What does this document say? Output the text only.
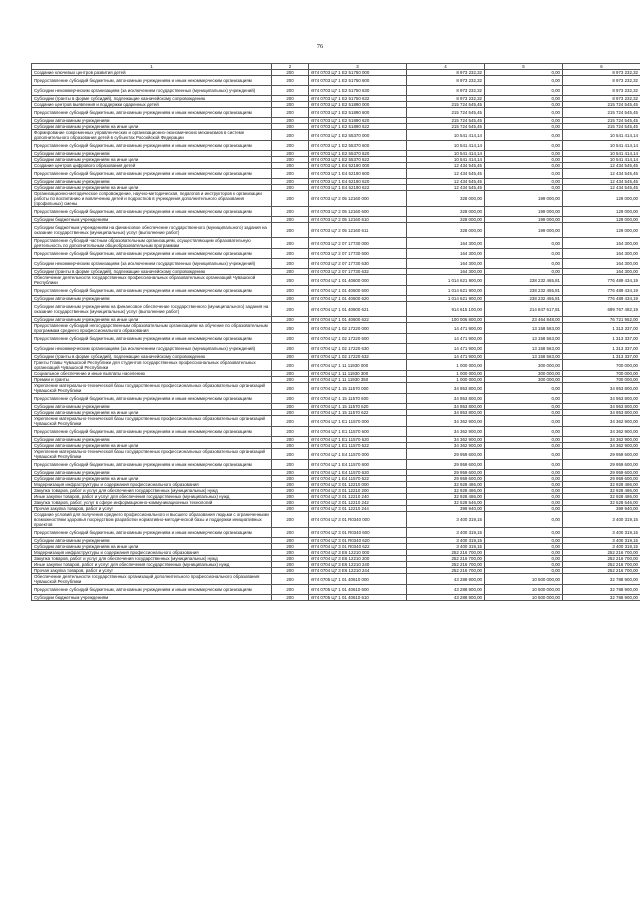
76
1	2	3	4	5	6
Создание ключевых центров развития детей	200	Ә74 0703 Ц7 1 Е2 51750 000	8 973 232,32	0,00	8 973 232,32
Предоставление субсидий бюджетным, автономным учреждениям и иным некоммерческим организациям	200	Ә74 0703 Ц7 1 Е2 51750 600	8 973 232,32	0,00	8 973 232,32
Субсидии некоммерческим организациям (за исключением государственных (муниципальных) учреждений)	200	Ә74 0703 Ц7 1 Е2 51750 630	8 973 232,32	0,00	8 973 232,32
Субсидии (гранты в форме субсидий), подлежащие казначейскому сопровождению	200	Ә74 0703 Ц7 1 Е2 51750 632	8 973 232,32	0,00	8 973 232,32
Создание центров выявления и поддержки одаренных детей	200	Ә74 0703 Ц7 1 Е2 51890 000	215 724 545,45	0,00	215 724 545,45
Предоставление субсидий бюджетным, автономным учреждениям и иным некоммерческим организациям	200	Ә74 0703 Ц7 1 Е2 51890 600	215 724 545,45	0,00	215 724 545,45
Субсидии автономным учреждениям	200	Ә74 0703 Ц7 1 Е2 51890 620	215 724 545,45	0,00	215 724 545,45
Субсидии автономным учреждениям на иные цели	200	Ә74 0703 Ц7 1 Е2 51890 622	215 724 545,45	0,00	215 724 545,45
Формирование современных управленческих и организационно-экономических механизмов в системе дополнительного образования детей в субъектах Российской Федерации	200	Ә74 0703 Ц7 1 Е2 55370 000	10 541 414,14	0,00	10 541 414,14
Предоставление субсидий бюджетным, автономным учреждениям и иным некоммерческим организациям	200	Ә74 0703 Ц7 1 Е2 55370 600	10 541 414,14	0,00	10 541 414,14
Субсидии автономным учреждениям	200	Ә74 0703 Ц7 1 Е2 55370 620	10 541 414,14	0,00	10 541 414,14
Субсидии автономным учреждениям на иные цели	200	Ә74 0703 Ц7 1 Е2 55370 622	10 541 414,14	0,00	10 541 414,14
Создание центров цифрового образования детей	200	Ә74 0703 Ц7 1 Е4 52190 000	12 434 545,45	0,00	12 434 545,45
Предоставление субсидий бюджетным, автономным учреждениям и иным некоммерческим организациям	200	Ә74 0703 Ц7 1 Е4 52190 600	12 434 545,45	0,00	12 434 545,45
Субсидии автономным учреждениям	200	Ә74 0703 Ц7 1 Е4 52190 620	12 434 545,45	0,00	12 434 545,45
Субсидии автономным учреждениям на иные цели	200	Ә74 0703 Ц7 1 Е4 52190 622	12 434 545,45	0,00	12 434 545,45
Организационно-методическое сопровождение, научно-методическая, педагогов и инструкторов к организации работы по воспитанию и вовлечению детей и подростков в учреждения дополнительного образования (профильных) смены	200	Ә74 0703 Ц7 2 05 12160 000	328 000,00	199 000,00	129 000,00
Предоставление субсидий бюджетным, автономным учреждениям и иным некоммерческим организациям	200	Ә74 0703 Ц7 2 05 12160 600	328 000,00	199 000,00	129 000,00
Субсидии бюджетным учреждениям	200	Ә74 0703 Ц7 2 05 12160 610	328 000,00	199 000,00	129 000,00
Субсидии бюджетным учреждениям на финансовое обеспечение государственного (муниципального) задания на оказание государственных (муниципальных) услуг (выполнение работ)	200	Ә74 0703 Ц7 2 05 12160 611	328 000,00	199 000,00	129 000,00
Предоставление субсидий частным образовательным организациям, осуществляющим образовательную деятельность по дополнительным общеобразовательным программам	200	Ә74 0703 Ц7 2 07 17730 000	164 300,00	0,00	164 300,00
Предоставление субсидий бюджетным, автономным учреждениям и иным некоммерческим организациям	200	Ә74 0703 Ц7 2 07 17730 600	164 300,00	0,00	164 300,00
Субсидии некоммерческим организациям (за исключением государственных (муниципальных) учреждений)	200	Ә74 0703 Ц7 2 07 17730 630	164 300,00	0,00	164 300,00
Субсидии (гранты в форме субсидий), подлежащие казначейскому сопровождению	200	Ә74 0703 Ц7 2 07 17730 632	164 300,00	0,00	164 300,00
Обеспечение деятельности государственных профессиональных образовательных организаций Чувашской Республики	200	Ә74 0704 Ц7 1 01 40600 000	1 014 621 900,00	238 232 465,81	776 489 434,19
Предоставление субсидий бюджетным, автономным учреждениям и иным некоммерческим организациям	200	Ә74 0704 Ц7 1 01 40600 600	1 014 621 900,00	238 232 465,81	776 489 434,19
Субсидии автономным учреждениям	200	Ә74 0704 Ц7 1 01 40600 620	1 014 621 900,00	238 232 465,81	776 489 434,19
Субсидии автономным учреждениям на финансовое обеспечение государственного (муниципального) задания на оказание государственных (муниципальных) услуг (выполнение работ)	200	Ә74 0704 Ц7 1 01 40600 621	914 615 100,00	214 847 617,81	699 767 482,19
Субсидии автономным учреждениям на иные цели	200	Ә74 0704 Ц7 1 01 40600 622	100 006 800,00	23 464 848,00	76 721 952,00
Предоставление субсидий негосударственным образовательным организациям на обучение по образовательным программам среднего профессионального образования	200	Ә74 0704 Ц7 1 02 17220 000	14 471 900,00	13 158 563,00	1 313 337,00
Предоставление субсидий бюджетным, автономным учреждениям и иным некоммерческим организациям	200	Ә74 0704 Ц7 1 02 17220 600	14 471 900,00	13 158 563,00	1 313 337,00
Субсидии некоммерческим организациям (за исключением государственных (муниципальных) учреждений)	200	Ә74 0704 Ц7 1 02 17220 630	14 471 900,00	13 158 563,00	1 313 337,00
Субсидии (гранты в форме субсидий), подлежащие казначейскому сопровождению	200	Ә74 0704 Ц7 1 02 17220 632	14 471 900,00	13 158 563,00	1 313 337,00
Гранты Главы Чувашской Республики для студентов государственных профессиональных образовательных организаций Чувашской Республики	200	Ә74 0704 Ц7 1 11 11930 000	1 000 000,00	300 000,00	700 000,00
Социальное обеспечение и иные выплаты населению	200	Ә74 0704 Ц7 1 11 11930 300	1 000 000,00	300 000,00	700 000,00
Премии и гранты	200	Ә74 0704 Ц7 1 11 11930 350	1 000 000,00	300 000,00	700 000,00
Укрепление материально-технической базы государственных профессиональных образовательных организаций Чувашской Республики	200	Ә74 0704 Ц7 1 15 11570 000	34 953 800,00	0,00	34 953 800,00
Предоставление субсидий бюджетным, автономным учреждениям и иным некоммерческим организациям	200	Ә74 0704 Ц7 1 15 11570 600	34 953 800,00	0,00	34 953 800,00
Субсидии автономным учреждениям	200	Ә74 0704 Ц7 1 15 11570 620	34 953 800,00	0,00	34 953 800,00
Субсидии автономным учреждениям на иные цели	200	Ә74 0704 Ц7 1 15 11570 622	34 953 800,00	0,00	34 953 800,00
Укрепление материально-технической базы государственных профессиональных образовательных организаций Чувашской Республики	200	Ә74 0704 Ц7 1 Е1 11570 000	34 362 900,00	0,00	34 362 900,00
Предоставление субсидий бюджетным, автономным учреждениям и иным некоммерческим организациям	200	Ә74 0704 Ц7 1 Е1 11570 600	34 362 900,00	0,00	34 362 900,00
Субсидии автономным учреждениям	200	Ә74 0704 Ц7 1 Е1 11570 620	34 362 900,00	0,00	34 362 900,00
Субсидии автономным учреждениям на иные цели	200	Ә74 0704 Ц7 1 Е1 11570 622	34 362 900,00	0,00	34 362 900,00
Укрепление материально-технической базы государственных профессиональных образовательных организаций Чувашской Республики	200	Ә74 0704 Ц7 1 Е4 11570 000	29 959 600,00	0,00	29 959 600,00
Предоставление субсидий бюджетным, автономным учреждениям и иным некоммерческим организациям	200	Ә74 0704 Ц7 1 Е4 11570 600	29 959 600,00	0,00	29 959 600,00
Субсидии автономным учреждениям	200	Ә74 0704 Ц7 1 Е4 11570 620	29 959 600,00	0,00	29 959 600,00
Субсидии автономным учреждениям на иные цели	200	Ә74 0704 Ц7 1 Е4 11570 622	29 959 600,00	0,00	29 959 600,00
Модернизация инфраструктуры и содержания профессионального образования	200	Ә74 0704 Ц7 3 01 12210 000	32 928 486,00	0,00	32 928 486,00
Закупка товаров, работ и услуг для обеспечения государственных (муниципальных) нужд	200	Ә74 0704 Ц7 3 01 12210 200	32 928 486,00	0,00	32 928 486,00
Иные закупки товаров, работ и услуг для обеспечения государственных (муниципальных) нужд	200	Ә74 0704 Ц7 3 01 12210 240	32 928 486,00	0,00	32 928 486,00
Закупка товаров, работ, услуг в сфере информационно-коммуникационных технологий	200	Ә74 0704 Ц7 3 01 12210 242	32 528 546,00	0,00	32 528 546,00
Прочая закупка товаров, работ и услуг	200	Ә74 0704 Ц7 3 01 12210 244	399 940,00	0,00	399 940,00
Создание условий для получения среднего профессионального и высшего образования людьми с ограниченными возможностями здоровья посредством разработки нормативно-методической базы и поддержки инициативных проектов	200	Ә74 0704 Ц7 3 01 R0340 000	3 400 319,15	0,00	3 400 319,15
Предоставление субсидий бюджетным, автономным учреждениям и иным некоммерческим организациям	200	Ә74 0704 Ц7 3 01 R0340 600	3 400 319,15	0,00	3 400 319,15
Субсидии автономным учреждениям	200	Ә74 0704 Ц7 3 01 R0340 620	3 400 319,15	0,00	3 400 319,15
Субсидии автономным учреждениям на иные цели	200	Ә74 0704 Ц7 3 01 R0340 622	3 400 319,15	0,00	3 400 319,15
Модернизация инфраструктуры и содержания профессионального образования	200	Ә74 0704 Ц7 3 Е6 12210 000	252 216 700,00	0,00	252 216 700,00
Закупка товаров, работ и услуг для обеспечения государственных (муниципальных) нужд	200	Ә74 0704 Ц7 3 Е6 12210 200	252 216 700,00	0,00	252 216 700,00
Иные закупки товаров, работ и услуг для обеспечения государственных (муниципальных) нужд	200	Ә74 0704 Ц7 3 Е6 12210 240	252 216 700,00	0,00	252 216 700,00
Прочая закупка товаров, работ и услуг	200	Ә74 0704 Ц7 3 Е6 12210 244	252 216 700,00	0,00	252 216 700,00
Обеспечение деятельности государственных организаций дополнительного профессионального образования Чувашской Республики	200	Ә74 0705 Ц7 1 01 40610 000	43 288 900,00	10 500 000,00	32 788 900,00
Предоставление субсидий бюджетным, автономным учреждениям и иным некоммерческим организациям	200	Ә74 0705 Ц7 1 01 40610 600	43 288 900,00	10 500 000,00	32 788 900,00
Субсидии бюджетным учреждениям	200	Ә74 0705 Ц7 1 01 40610 610	43 288 900,00	10 500 000,00	32 788 900,00
